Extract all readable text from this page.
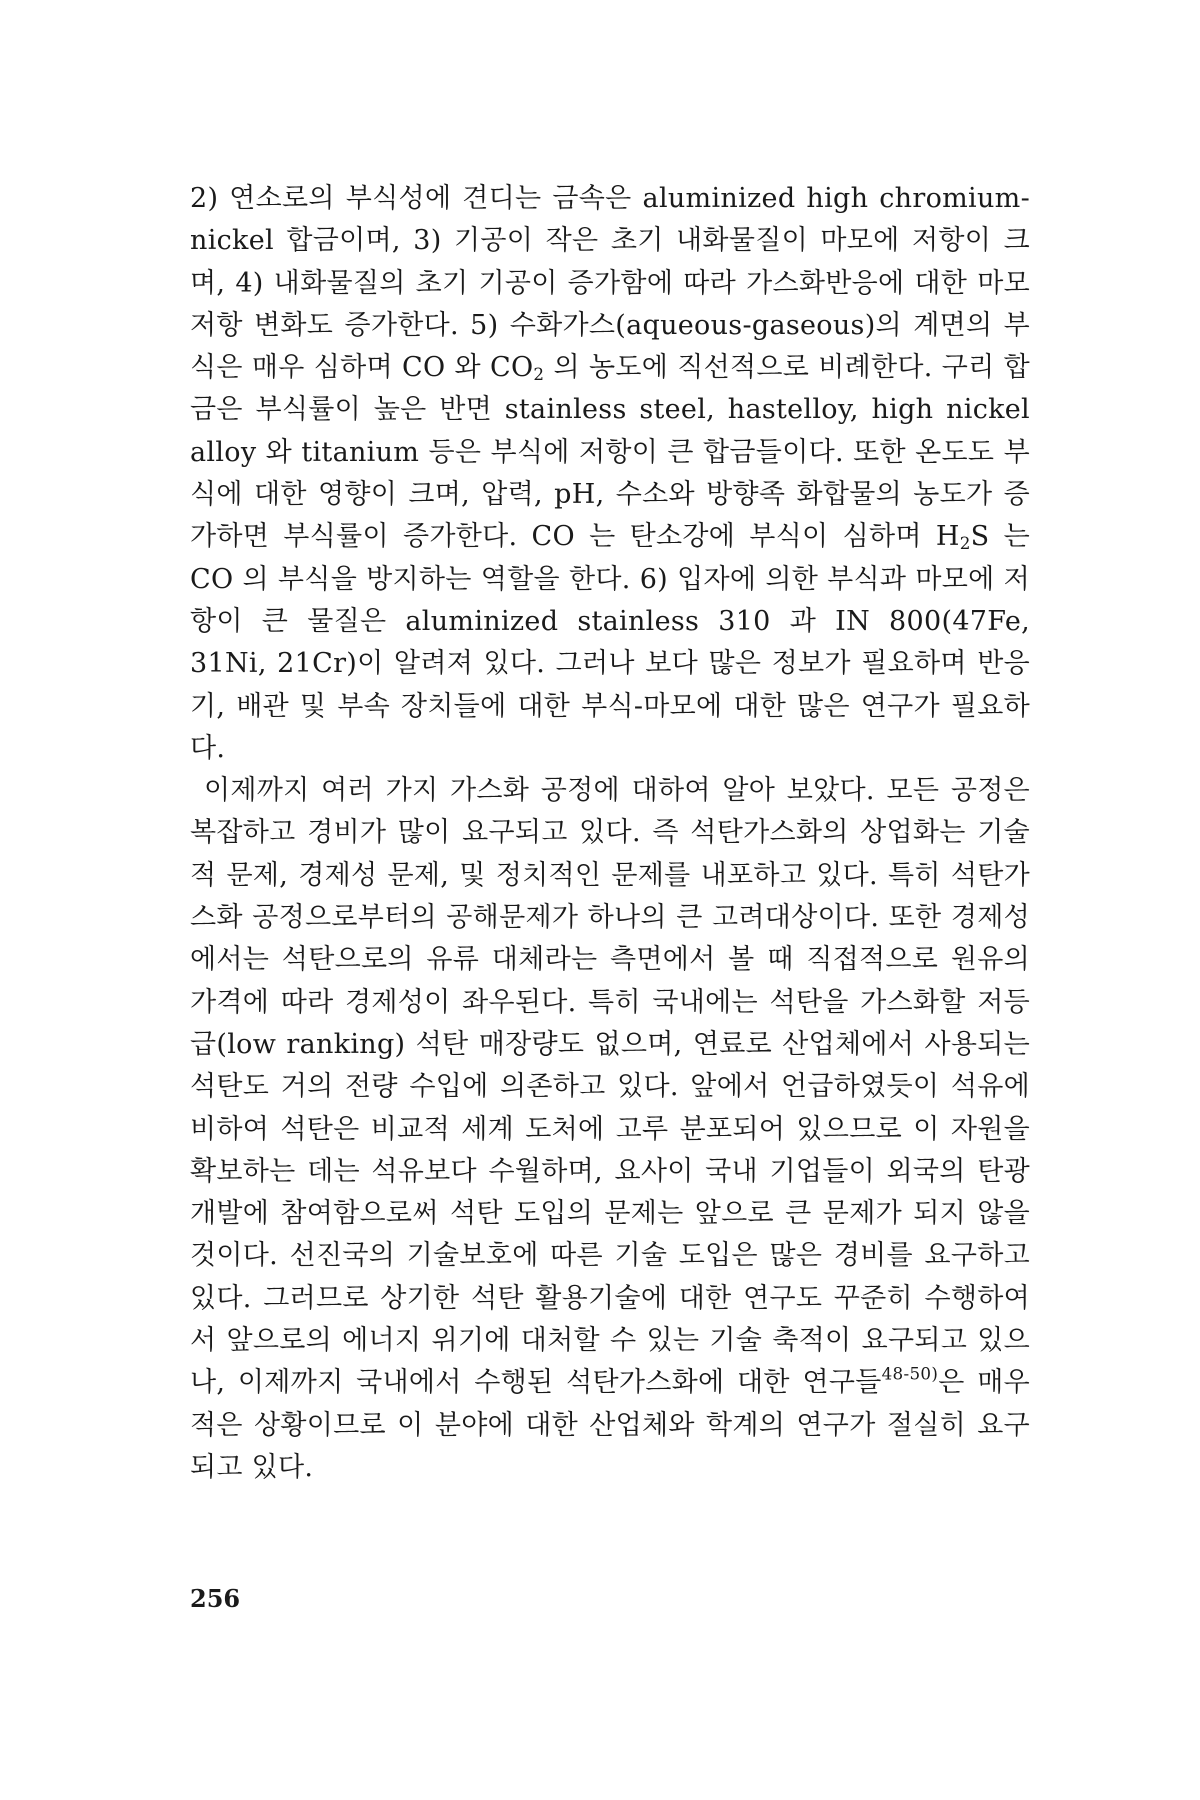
2) 연소로의 부식성에 견디는 금속은 aluminized high chromium-nickel 합금이며, 3) 기공이 작은 초기 내화물질이 마모에 저항이 크며, 4) 내화물질의 초기 기공이 증가함에 따라 가스화반응에 대한 마모 저항 변화도 증가한다. 5) 수화가스(aqueous-gaseous)의 계면의 부식은 매우 심하며 CO 와 $CO_2$ 의 농도에 직선적으로 비례한다. 구리 합금은 부식률이 높은 반면 stainless steel, hastelloy, high nickel alloy 와 titanium 등은 부식에 저항이 큰 합금들이다. 또한 온도도 부식에 대한 영향이 크며, 압력, pH, 수소와 방향족 화합물의 농도가 증가하면 부식률이 증가한다. CO 는 탄소강에 부식이 심하며 $H_2S$ 는 CO 의 부식을 방지하는 역할을 한다. 6) 입자에 의한 부식과 마모에 저항이 큰 물질은 aluminized stainless 310 과 IN 800(47Fe, 31Ni, 21Cr)이 알려져 있다. 그러나 보다 많은 정보가 필요하며 반응기, 배관 및 부속 장치들에 대한 부식-마모에 대한 많은 연구가 필요하다.

이제까지 여러 가지 가스화 공정에 대하여 알아 보았다. 모든 공정은 복잡하고 경비가 많이 요구되고 있다. 즉 석탄가스화의 상업화는 기술적 문제, 경제성 문제, 및 정치적인 문제를 내포하고 있다. 특히 석탄가스화 공정으로부터의 공해문제가 하나의 큰 고려대상이다. 또한 경제성에서는 석탄으로의 유류 대체라는 측면에서 볼 때 직접적으로 원유의 가격에 따라 경제성이 좌우된다. 특히 국내에는 석탄을 가스화할 저등급(low ranking) 석탄 매장량도 없으며, 연료로 산업체에서 사용되는 석탄도 거의 전량 수입에 의존하고 있다. 앞에서 언급하였듯이 석유에 비하여 석탄은 비교적 세계 도처에 고루 분포되어 있으므로 이 자원을 확보하는 데는 석유보다 수월하며, 요사이 국내 기업들이 외국의 탄광개발에 참여함으로써 석탄 도입의 문제는 앞으로 큰 문제가 되지 않을 것이다. 선진국의 기술보호에 따른 기술 도입은 많은 경비를 요구하고 있다. 그러므로 상기한 석탄 활용기술에 대한 연구도 꾸준히 수행하여서 앞으로의 에너지 위기에 대처할 수 있는 기술 축적이 요구되고 있으나, 이제까지 국내에서 수행된 석탄가스화에 대한 연구들$^{48-50)}$은 매우 적은 상황이므로 이 분야에 대한 산업체와 학계의 연구가 절실히 요구되고 있다.

256
